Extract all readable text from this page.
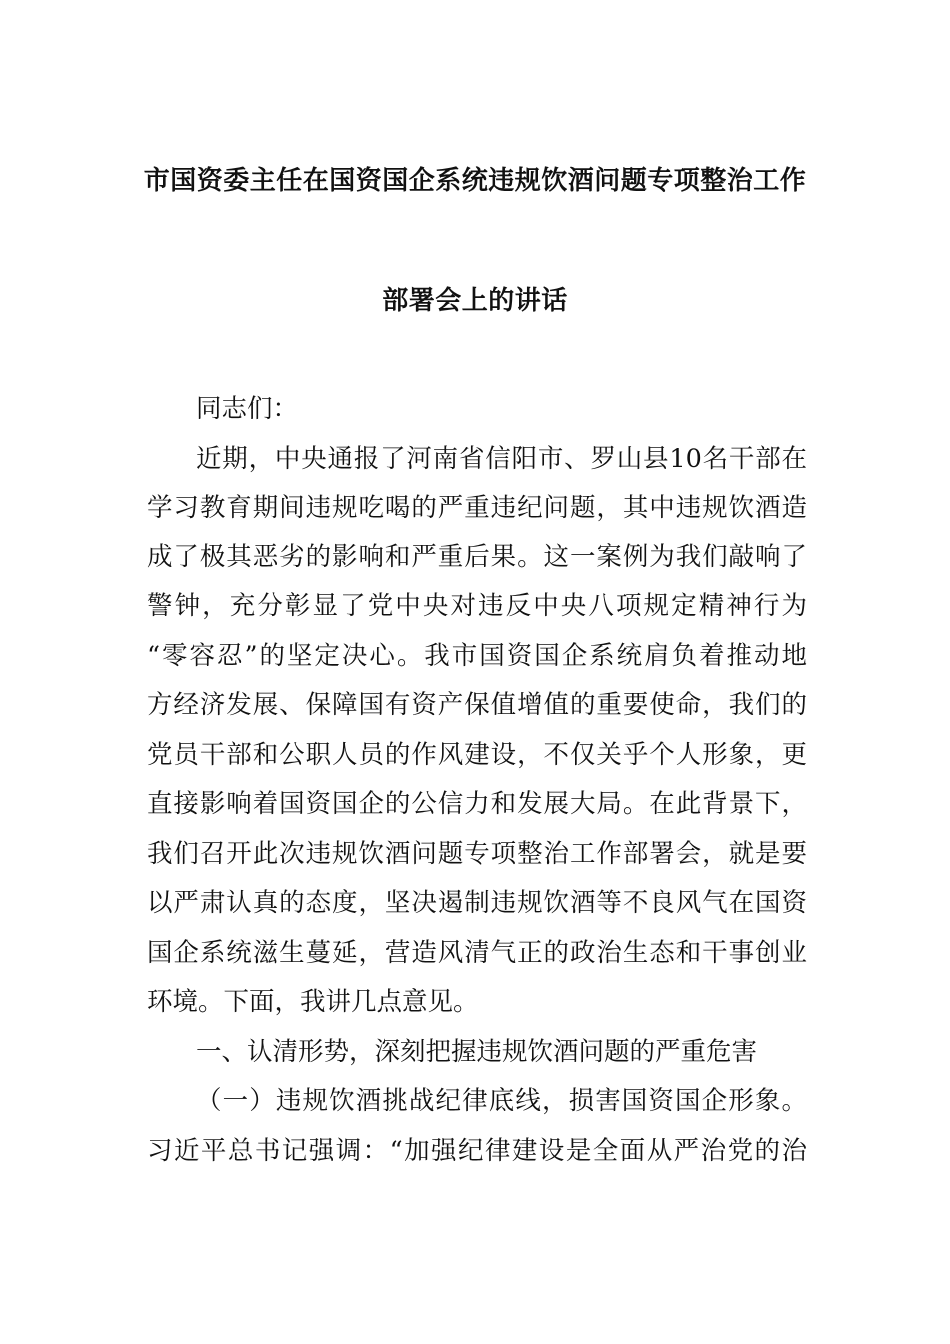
市国资委主任在国资国企系统违规饮酒问题专项整治工作
部署会上的讲话
同志们：
近期，中央通报了河南省信阳市、罗山县10名干部在
学习教育期间违规吃喝的严重违纪问题，其中违规饮酒造
成了极其恶劣的影响和严重后果。这一案例为我们敲响了
警钟，充分彰显了党中央对违反中央八项规定精神行为
“零容忍”的坚定决心。我市国资国企系统肩负着推动地
方经济发展、保障国有资产保值增值的重要使命，我们的
党员干部和公职人员的作风建设，不仅关乎个人形象，更
直接影响着国资国企的公信力和发展大局。在此背景下，
我们召开此次违规饮酒问题专项整治工作部署会，就是要
以严肃认真的态度，坚决遏制违规饮酒等不良风气在国资
国企系统滋生蔓延，营造风清气正的政治生态和干事创业
环境。下面，我讲几点意见。
一、认清形势，深刻把握违规饮酒问题的严重危害
（一）违规饮酒挑战纪律底线，损害国资国企形象。
习近平总书记强调：“加强纪律建设是全面从严治党的治
